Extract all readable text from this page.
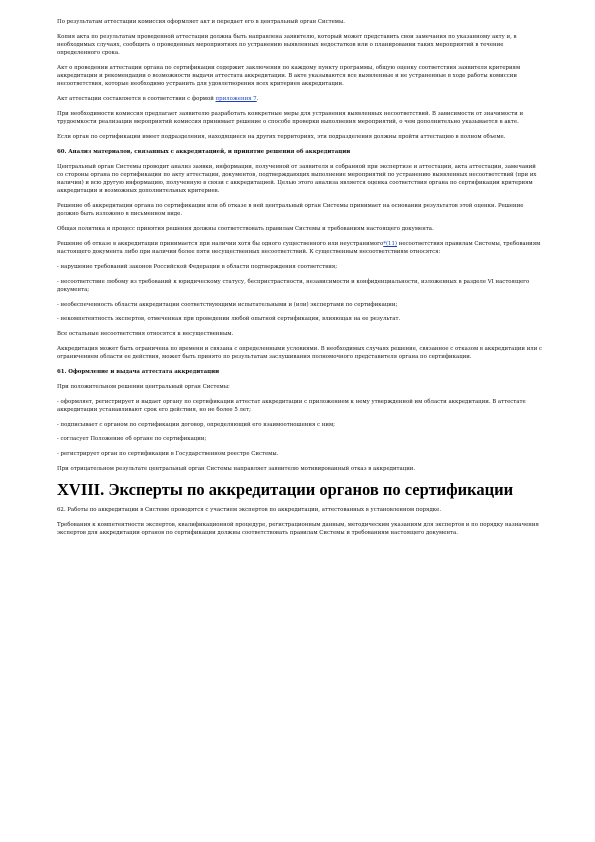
По результатам аттестации комиссия оформляет акт и передает его в центральный орган Системы.

Копия акта по результатам проведенной аттестации должна быть направлена заявителю, который может представить свои замечания по указанному акту и, в необходимых случаях, сообщить о проведенных мероприятиях по устранению выявленных недостатков или о планировании таких мероприятий в течение определенного срока.

Акт о проведении аттестации органа по сертификации содержит заключения по каждому пункту программы, общую оценку соответствия заявителя критериям аккредитации и рекомендации о возможности выдачи аттестата аккредитации. В акте указываются все выявленные и не устраненные в ходе работы комиссии несоответствия, которые необходимо устранить для удовлетворения всех критериев аккредитации.

Акт аттестации составляется в соответствии с формой приложения 7.

При необходимости комиссия предлагает заявителю разработать конкретные меры для устранения выявленных несоответствий. В зависимости от значимости и трудоемкости реализации мероприятий комиссия принимает решение о способе проверки выполнения мероприятий, о чем дополнительно указывается в акте.

Если орган по сертификации имеет подразделения, находящиеся на других территориях, эти подразделения должны пройти аттестацию в полном объеме.

60. Анализ материалов, связанных с аккредитацией, и принятие решения об аккредитации

Центральный орган Системы проводит анализ заявки, информации, полученной от заявителя и собранной при экспертизе и аттестации, акта аттестации, замечаний со стороны органа по сертификации по акту аттестации, документов, подтверждающих выполнение мероприятий по устранению выявленных несоответствий (при их наличии) и всю другую информацию, полученную в связи с аккредитацией. Целью этого анализа является оценка соответствия органа по сертификации критериям аккредитации и возможных дополнительных критериев.

Решение об аккредитации органа по сертификации или об отказе в ней центральный орган Системы принимает на основании результатов этой оценки. Решение должно быть изложено в письменном виде.

Общая политика и процесс принятия решения должны соответствовать правилам Системы и требованиям настоящего документа.

Решение об отказе в аккредитации принимается при наличии хотя бы одного существенного или неустранимого*(11) несоответствия правилам Системы, требованиям настоящего документа либо при наличии более пяти несущественных несоответствий. К существенным несоответствиям относятся:

- нарушение требований законов Российской Федерации в области подтверждения соответствия;

- несоответствие любому из требований к юридическому статусу, беспристрастности, независимости и конфиденциальности, изложенных в разделе VI настоящего документа;

- необеспеченность области аккредитации соответствующими испытательными и (или) экспертами по сертификации;

- некомпетентность экспертов, отмеченная при проведении любой опытной сертификации, влияющая на ее результат.

Все остальные несоответствия относятся к несущественным.

Аккредитация может быть ограничена по времени и связана с определенными условиями. В необходимых случаях решение, связанное с отказом в аккредитации или с ограничением области ее действия, может быть принято по результатам заслушивания полномочного представителя органа по сертификации.

61. Оформление и выдача аттестата аккредитации

При положительном решении центральный орган Системы:

- оформляет, регистрирует и выдает органу по сертификации аттестат аккредитации с приложением к нему утвержденной им области аккредитации. В аттестате аккредитации устанавливают срок его действия, но не более 5 лет;

- подписывает с органом по сертификации договор, определяющий его взаимоотношения с ним;

- согласует Положение об органе по сертификации;

- регистрирует орган по сертификации в Государственном реестре Системы.

При отрицательном результате центральный орган Системы направляет заявителю мотивированный отказ в аккредитации.

XVIII. Эксперты по аккредитации органов по сертификации

62. Работы по аккредитации в Системе проводятся с участием экспертов по аккредитации, аттестованных в установленном порядке.

Требования к компетентности экспертов, квалификационной процедуре, регистрационным данным, методическим указаниям для экспертов и по порядку назначения экспертов для аккредитации органов по сертификации должны соответствовать правилам Системы и требованиям настоящего документа.
